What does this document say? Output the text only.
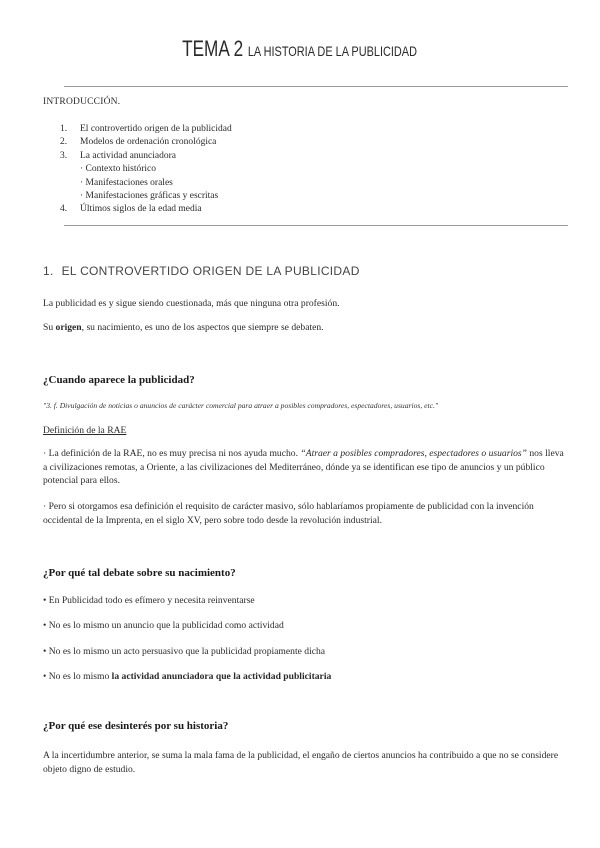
TEMA 2 LA HISTORIA DE LA PUBLICIDAD
INTRODUCCIÓN.
1. El controvertido origen de la publicidad
2. Modelos de ordenación cronológica
3. La actividad anunciadora
· Contexto histórico
· Manifestaciones orales
· Manifestaciones gráficas y escritas
4. Últimos siglos de la edad media
1. EL CONTROVERTIDO ORIGEN DE LA PUBLICIDAD
La publicidad es y sigue siendo cuestionada, más que ninguna otra profesión.
Su origen, su nacimiento, es uno de los aspectos que siempre se debaten.
¿Cuando aparece la publicidad?
"3. f. Divulgación de noticias o anuncios de carácter comercial para atraer a posibles compradores, espectadores, usuarios, etc."
Definición de la RAE
· La definición de la RAE, no es muy precisa ni nos ayuda mucho. “Atraer a posibles compradores, espectadores o usuarios” nos lleva a civilizaciones remotas, a Oriente, a las civilizaciones del Mediterráneo, dónde ya se identifican ese tipo de anuncios y un público potencial para ellos.
· Pero si otorgamos esa definición el requisito de carácter masivo, sólo hablaríamos propiamente de publicidad con la invención occidental de la Imprenta, en el siglo XV, pero sobre todo desde la revolución industrial.
¿Por qué tal debate sobre su nacimiento?
• En Publicidad todo es efímero y necesita reinventarse
• No es lo mismo un anuncio que la publicidad como actividad
• No es lo mismo un acto persuasivo que la publicidad propiamente dicha
• No es lo mismo la actividad anunciadora que la actividad publicitaria
¿Por qué ese desinterés por su historia?
A la incertidumbre anterior, se suma la mala fama de la publicidad, el engaño de ciertos anuncios ha contribuido a que no se considere objeto digno de estudio.
